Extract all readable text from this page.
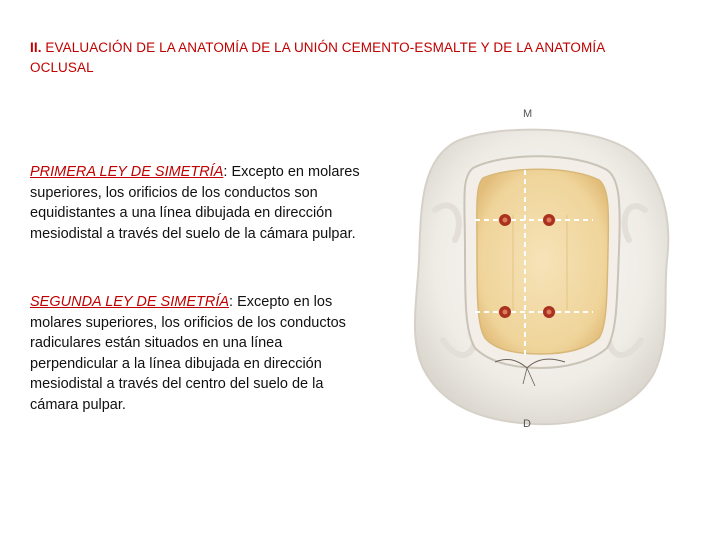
II. EVALUACIÓN DE LA ANATOMÍA DE LA UNIÓN CEMENTO-ESMALTE Y DE LA ANATOMÍA OCLUSAL
PRIMERA LEY DE SIMETRÍA: Excepto en molares superiores, los orificios de los conductos son equidistantes a una línea dibujada en dirección mesiodistal a través del suelo de la cámara pulpar.
SEGUNDA LEY DE SIMETRÍA: Excepto en los molares superiores, los orificios de los conductos radiculares están situados en una línea perpendicular a la línea dibujada en dirección mesiodistal a través del centro del suelo de la cámara pulpar.
M
D
